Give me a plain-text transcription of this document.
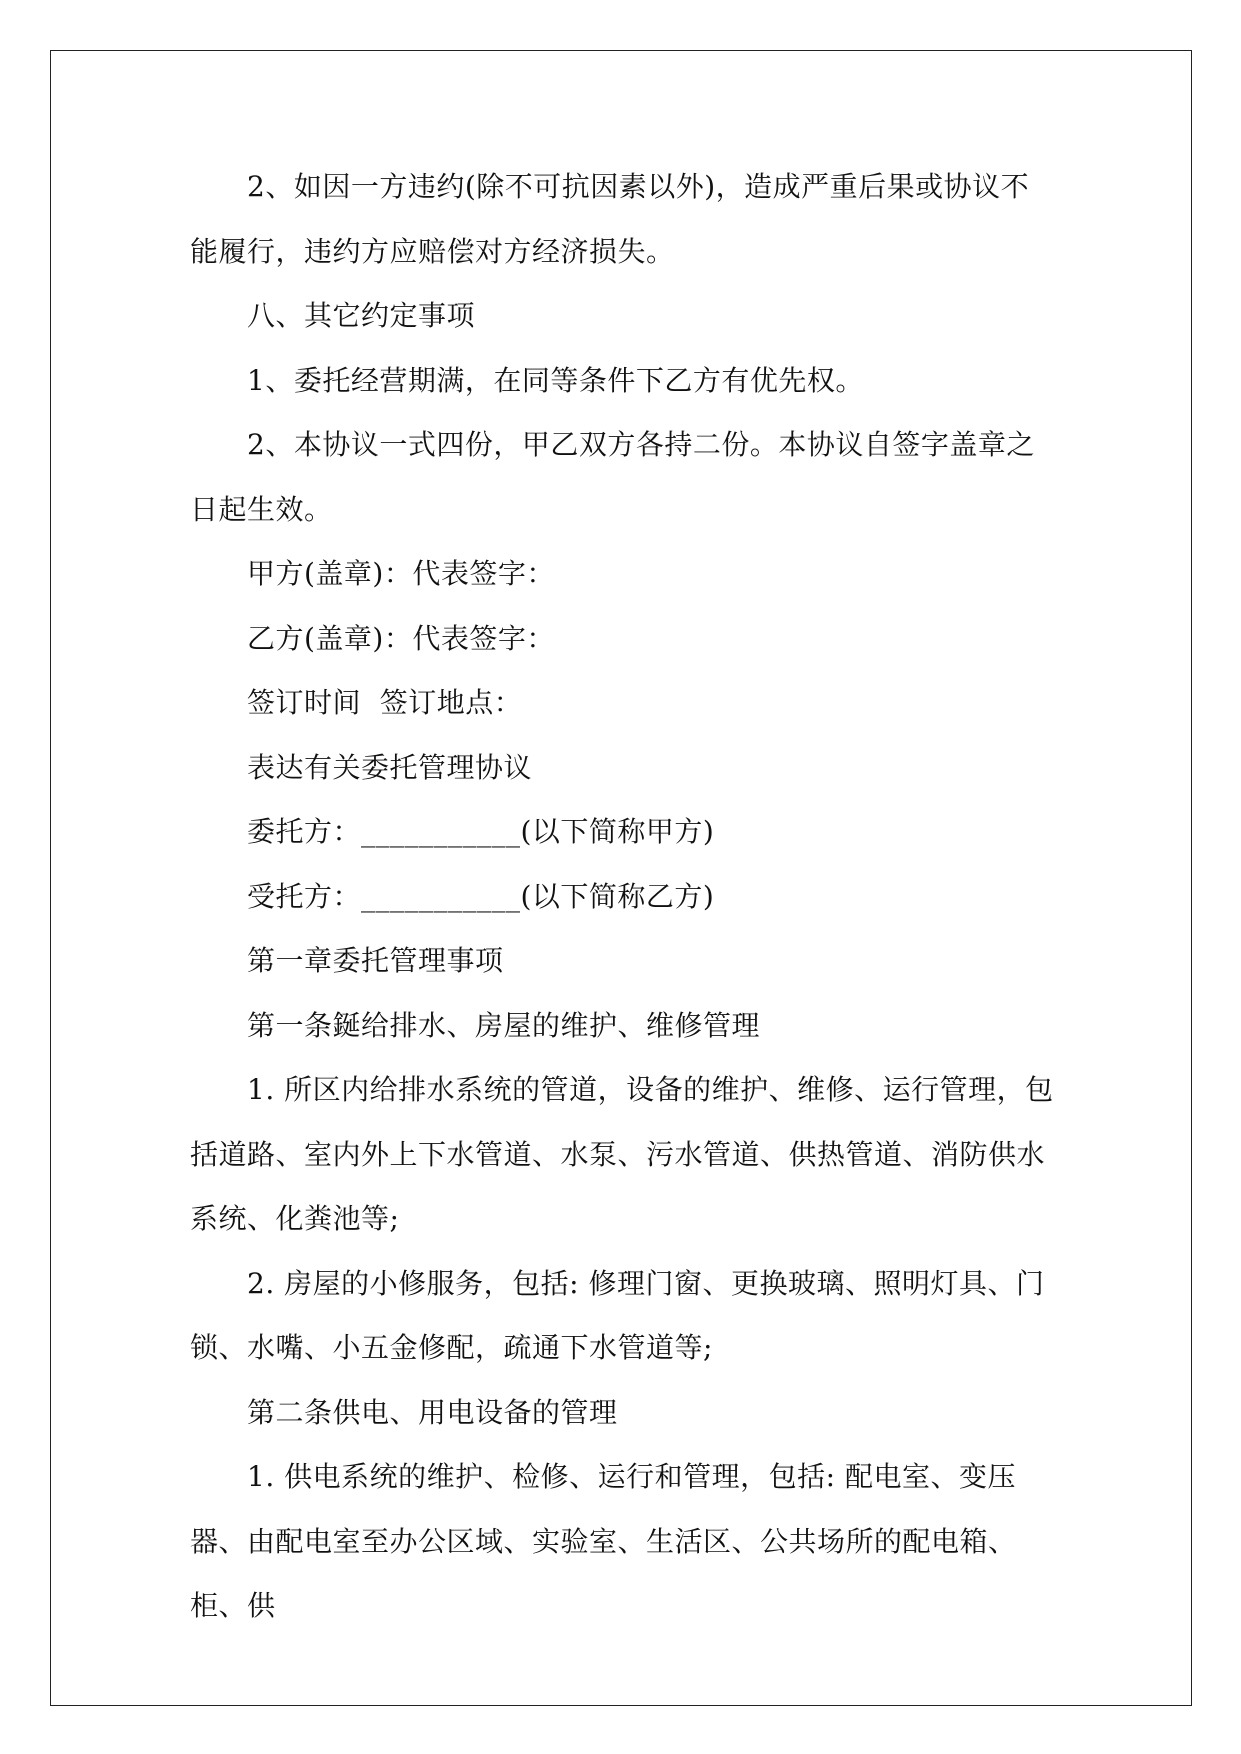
2、如因一方违约(除不可抗因素以外)，造成严重后果或协议不能履行，违约方应赔偿对方经济损失。

八、其它约定事项

1、委托经营期满，在同等条件下乙方有优先权。

2、本协议一式四份，甲乙双方各持二份。本协议自签字盖章之日起生效。

甲方(盖章)：代表签字：

乙方(盖章)：代表签字：

签订时间  签订地点：

表达有关委托管理协议

委托方：___________(以下简称甲方)

受托方：___________(以下简称乙方)

第一章委托管理事项

第一条鋋给排水、房屋的维护、维修管理

1. 所区内给排水系统的管道，设备的维护、维修、运行管理，包括道路、室内外上下水管道、水泵、污水管道、供热管道、消防供水系统、化粪池等;

2. 房屋的小修服务，包括: 修理门窗、更换玻璃、照明灯具、门锁、水嘴、小五金修配，疏通下水管道等;

第二条供电、用电设备的管理

1. 供电系统的维护、检修、运行和管理，包括: 配电室、变压器、由配电室至办公区域、实验室、生活区、公共场所的配电箱、柜、供
